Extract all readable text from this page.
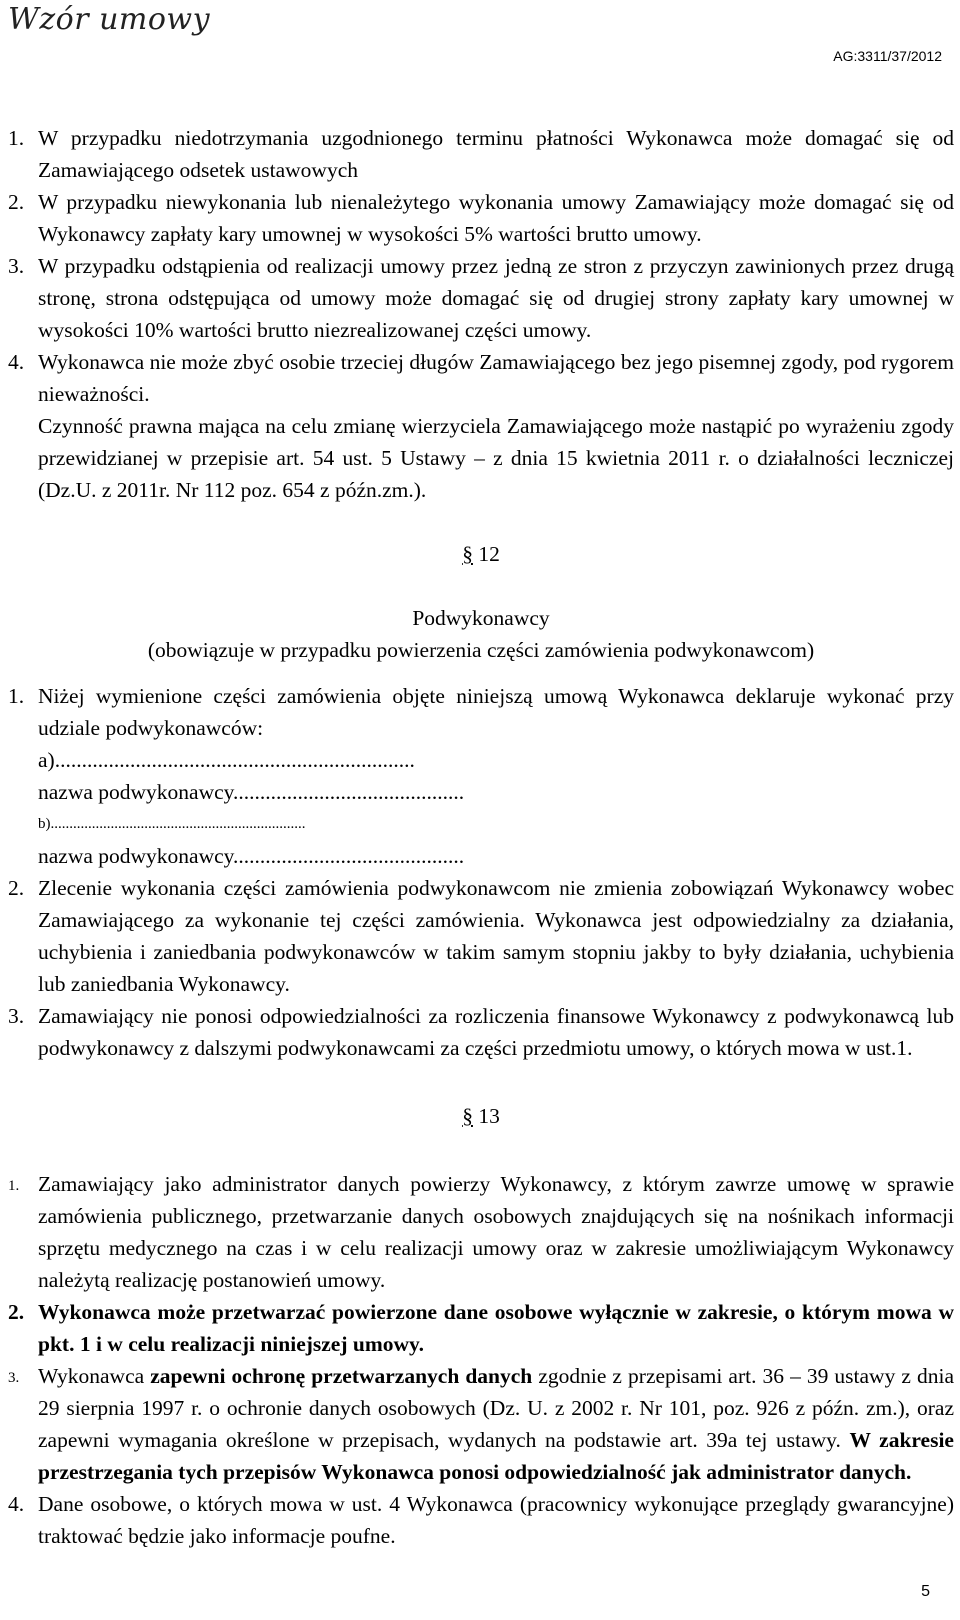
Wzór umowy
AG:3311/37/2012
1. W przypadku niedotrzymania uzgodnionego terminu płatności Wykonawca może domagać się od Zamawiającego odsetek ustawowych
2. W przypadku niewykonania lub nienależytego wykonania umowy Zamawiający może domagać się od Wykonawcy zapłaty kary umownej w wysokości 5% wartości brutto umowy.
3. W przypadku odstąpienia od realizacji umowy przez jedną ze stron z przyczyn zawinionych przez drugą stronę, strona odstępująca od umowy może domagać się od drugiej strony zapłaty kary umownej w wysokości 10% wartości brutto niezrealizowanej części umowy.
4. Wykonawca nie może zbyć osobie trzeciej długów Zamawiającego bez jego pisemnej zgody, pod rygorem nieważności.
Czynność prawna mająca na celu zmianę wierzyciela Zamawiającego może nastąpić po wyrażeniu zgody przewidzianej w przepisie art. 54 ust. 5 Ustawy – z dnia 15 kwietnia 2011 r. o działalności leczniczej (Dz.U. z 2011r. Nr 112 poz. 654 z późn.zm.).
§ 12
Podwykonawcy
(obowiązuje w przypadku powierzenia części zamówienia podwykonawcom)
1. Niżej wymienione części zamówienia objęte niniejszą umową Wykonawca deklaruje wykonać przy udziale podwykonawców:
a)...................................................................
nazwa podwykonawcy...........................................
b)....................................................................
nazwa podwykonawcy...........................................
2. Zlecenie wykonania części zamówienia podwykonawcom nie zmienia zobowiązań Wykonawcy wobec Zamawiającego za wykonanie tej części zamówienia. Wykonawca jest odpowiedzialny za działania, uchybienia i zaniedbania podwykonawców w takim samym stopniu jakby to były działania, uchybienia lub zaniedbania Wykonawcy.
3. Zamawiający nie ponosi odpowiedzialności za rozliczenia finansowe Wykonawcy z podwykonawcą lub podwykonawcy z dalszymi podwykonawcami za części przedmiotu umowy, o których mowa w ust.1.
§ 13
1. Zamawiający jako administrator danych powierzy Wykonawcy, z którym zawrze umowę w sprawie zamówienia publicznego, przetwarzanie danych osobowych znajdujących się na nośnikach informacji sprzętu medycznego na czas i w celu realizacji umowy oraz w zakresie umożliwiającym Wykonawcy należytą realizację postanowień umowy.
2. Wykonawca może przetwarzać powierzone dane osobowe wyłącznie w zakresie, o którym mowa w pkt. 1 i w celu realizacji niniejszej umowy.
3. Wykonawca zapewni ochronę przetwarzanych danych zgodnie z przepisami art. 36 – 39 ustawy z dnia 29 sierpnia 1997 r. o ochronie danych osobowych (Dz. U. z 2002 r. Nr 101, poz. 926 z późn. zm.), oraz zapewni wymagania określone w przepisach, wydanych na podstawie art. 39a tej ustawy. W zakresie przestrzegania tych przepisów Wykonawca ponosi odpowiedzialność jak administrator danych.
4. Dane osobowe, o których mowa w ust. 4 Wykonawca (pracownicy wykonujące przeglądy gwarancyjne) traktować będzie jako informacje poufne.
5
